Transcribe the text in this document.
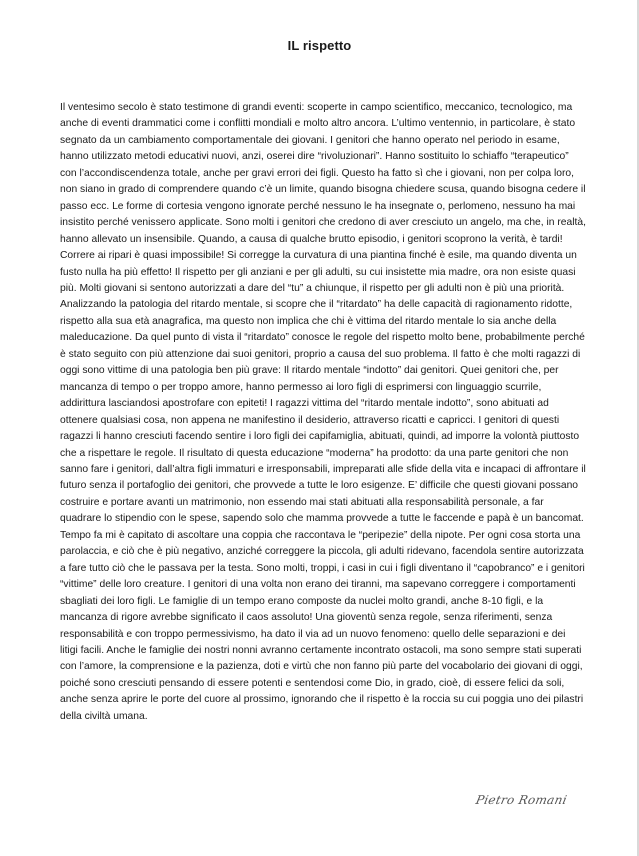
IL rispetto

Il ventesimo secolo è stato testimone di grandi eventi: scoperte in campo scientifico, meccanico, tecnologico, ma anche di eventi drammatici come i conflitti mondiali e molto altro ancora. L’ultimo ventennio, in particolare, è stato segnato da un cambiamento comportamentale dei giovani. I genitori che hanno operato nel periodo in esame, hanno utilizzato metodi educativi nuovi, anzi, oserei dire “rivoluzionari”. Hanno sostituito lo schiaffo “terapeutico” con l’accondiscendenza totale, anche per gravi errori dei figli. Questo ha fatto sì che i giovani, non per colpa loro, non siano in grado di comprendere quando c’è un limite, quando bisogna chiedere scusa, quando bisogna cedere il passo ecc. Le forme di cortesia vengono ignorate perché nessuno le ha insegnate o, perlomeno, nessuno ha mai insistito perché venissero applicate. Sono molti i genitori che credono di aver cresciuto un angelo, ma che, in realtà, hanno allevato un insensibile. Quando, a causa di qualche brutto episodio, i genitori scoprono la verità, è tardi! Correre ai ripari è quasi impossibile! Si corregge la curvatura di una piantina finché è esile, ma quando diventa un fusto nulla ha più effetto! Il rispetto per gli anziani e per gli adulti, su cui insistette mia madre, ora non esiste quasi più. Molti giovani si sentono autorizzati a dare del “tu” a chiunque, il rispetto per gli adulti non è più una priorità. Analizzando la patologia del ritardo mentale, si scopre che il “ritardato” ha delle capacità di ragionamento ridotte, rispetto alla sua età anagrafica, ma questo non implica che chi è vittima del ritardo mentale lo sia anche della maleducazione. Da quel punto di vista il “ritardato” conosce le regole del rispetto molto bene, probabilmente perché è stato seguito con più attenzione dai suoi genitori, proprio a causa del suo problema. Il fatto è che molti ragazzi di oggi sono vittime di una patologia ben più grave: Il ritardo mentale “indotto” dai genitori. Quei genitori che, per mancanza di tempo o per troppo amore, hanno permesso ai loro figli di esprimersi con linguaggio scurrile, addirittura lasciandosi apostrofare con epiteti! I ragazzi vittima del “ritardo mentale indotto”, sono abituati ad ottenere qualsiasi cosa, non appena ne manifestino il desiderio, attraverso ricatti e capricci. I genitori di questi ragazzi li hanno cresciuti facendo sentire i loro figli dei capifamiglia, abituati, quindi, ad imporre la volontà piuttosto che a rispettare le regole. Il risultato di questa educazione “moderna” ha prodotto: da una parte genitori che non sanno fare i genitori, dall’altra figli immaturi e irresponsabili, impreparati alle sfide della vita e incapaci di affrontare il futuro senza il portafoglio dei genitori, che provvede a tutte le loro esigenze. E’ difficile che questi giovani possano costruire e portare avanti un matrimonio, non essendo mai stati abituati alla responsabilità personale, a far quadrare lo stipendio con le spese, sapendo solo che mamma provvede a tutte le faccende e papà è un bancomat. Tempo fa mi è capitato di ascoltare una coppia che raccontava le “peripezie” della nipote. Per ogni cosa storta una parolaccia, e ciò che è più negativo, anziché correggere la piccola, gli adulti ridevano, facendola sentire autorizzata a fare tutto ciò che le passava per la testa. Sono molti, troppi, i casi in cui i figli diventano il “capobranco” e i genitori “vittime” delle loro creature. I genitori di una volta non erano dei tiranni, ma sapevano correggere i comportamenti sbagliati dei loro figli. Le famiglie di un tempo erano composte da nuclei molto grandi, anche 8-10 figli, e la mancanza di rigore avrebbe significato il caos assoluto! Una gioventù senza regole, senza riferimenti, senza responsabilità e con troppo permessivismo, ha dato il via ad un nuovo fenomeno: quello delle separazioni e dei litigi facili. Anche le famiglie dei nostri nonni avranno certamente incontrato ostacoli, ma sono sempre stati superati con l’amore, la comprensione e la pazienza, doti e virtù che non fanno più parte del vocabolario dei giovani di oggi, poiché sono cresciuti pensando di essere potenti e sentendosi come Dio, in grado, cioè, di essere felici da soli, anche senza aprire le porte del cuore al prossimo, ignorando che il rispetto è la roccia su cui poggia uno dei pilastri della civiltà umana.

Pietro Romani
